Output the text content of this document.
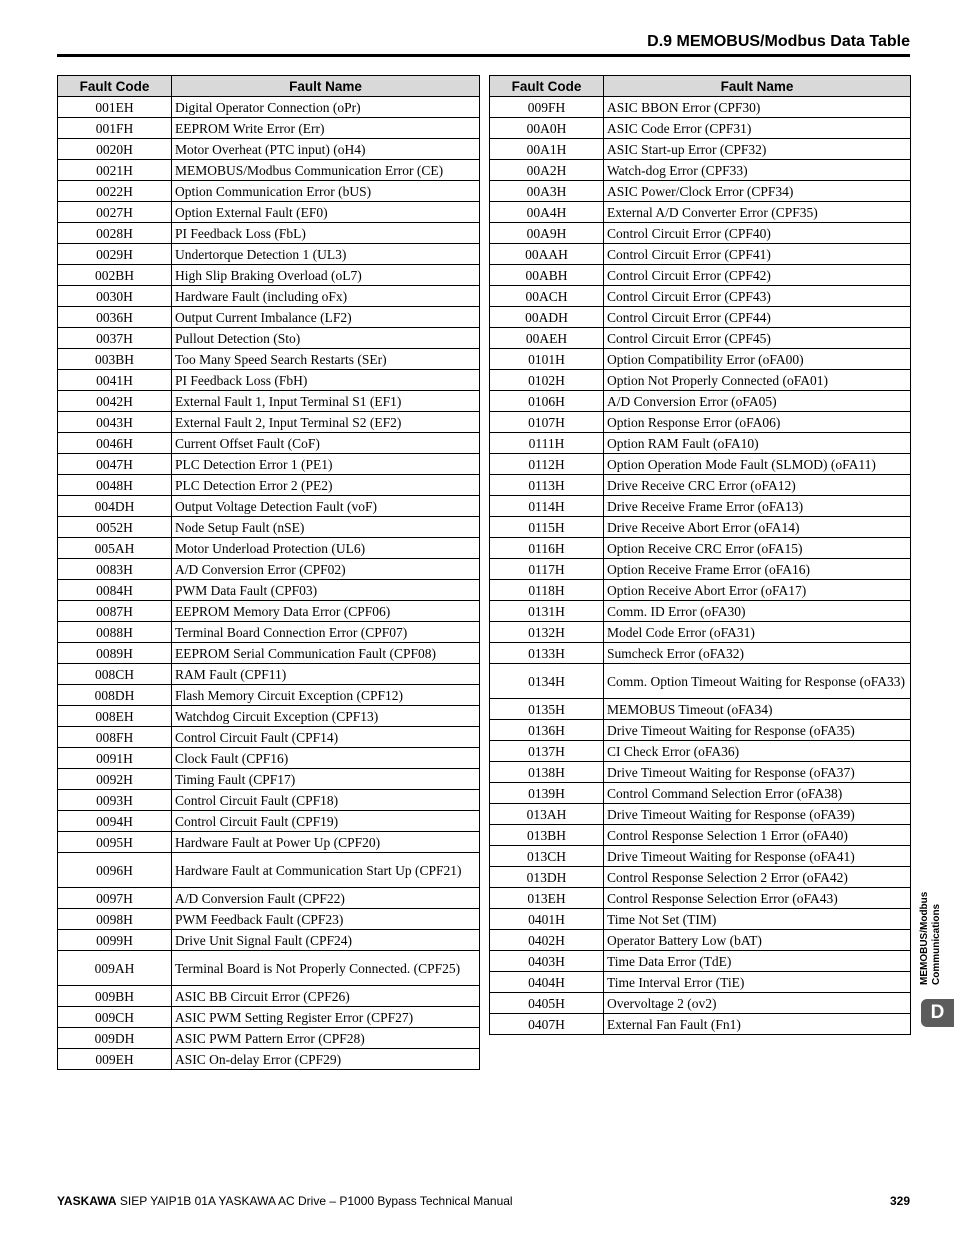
D.9 MEMOBUS/Modbus Data Table
Fault Code	Fault Name
001EH	Digital Operator Connection (oPr)
001FH	EEPROM Write Error (Err)
0020H	Motor Overheat (PTC input) (oH4)
0021H	MEMOBUS/Modbus Communication Error (CE)
0022H	Option Communication Error (bUS)
0027H	Option External Fault (EF0)
0028H	PI Feedback Loss (FbL)
0029H	Undertorque Detection 1 (UL3)
002BH	High Slip Braking Overload (oL7)
0030H	Hardware Fault (including oFx)
0036H	Output Current Imbalance (LF2)
0037H	Pullout Detection (Sto)
003BH	Too Many Speed Search Restarts (SEr)
0041H	PI Feedback Loss (FbH)
0042H	External Fault 1, Input Terminal S1 (EF1)
0043H	External Fault 2, Input Terminal S2 (EF2)
0046H	Current Offset Fault (CoF)
0047H	PLC Detection Error 1 (PE1)
0048H	PLC Detection Error 2 (PE2)
004DH	Output Voltage Detection Fault (voF)
0052H	Node Setup Fault (nSE)
005AH	Motor Underload Protection (UL6)
0083H	A/D Conversion Error (CPF02)
0084H	PWM Data Fault (CPF03)
0087H	EEPROM Memory Data Error (CPF06)
0088H	Terminal Board Connection Error (CPF07)
0089H	EEPROM Serial Communication Fault (CPF08)
008CH	RAM Fault (CPF11)
008DH	Flash Memory Circuit Exception (CPF12)
008EH	Watchdog Circuit Exception (CPF13)
008FH	Control Circuit Fault (CPF14)
0091H	Clock Fault (CPF16)
0092H	Timing Fault (CPF17)
0093H	Control Circuit Fault (CPF18)
0094H	Control Circuit Fault (CPF19)
0095H	Hardware Fault at Power Up (CPF20)
0096H	Hardware Fault at Communication Start Up (CPF21)
0097H	A/D Conversion Fault (CPF22)
0098H	PWM Feedback Fault (CPF23)
0099H	Drive Unit Signal Fault (CPF24)
009AH	Terminal Board is Not Properly Connected. (CPF25)
009BH	ASIC BB Circuit Error (CPF26)
009CH	ASIC PWM Setting Register Error (CPF27)
009DH	ASIC PWM Pattern Error (CPF28)
009EH	ASIC On-delay Error (CPF29)
Fault Code	Fault Name
009FH	ASIC BBON Error (CPF30)
00A0H	ASIC Code Error (CPF31)
00A1H	ASIC Start-up Error (CPF32)
00A2H	Watch-dog Error (CPF33)
00A3H	ASIC Power/Clock Error (CPF34)
00A4H	External A/D Converter Error (CPF35)
00A9H	Control Circuit Error (CPF40)
00AAH	Control Circuit Error (CPF41)
00ABH	Control Circuit Error (CPF42)
00ACH	Control Circuit Error (CPF43)
00ADH	Control Circuit Error (CPF44)
00AEH	Control Circuit Error (CPF45)
0101H	Option Compatibility Error (oFA00)
0102H	Option Not Properly Connected (oFA01)
0106H	A/D Conversion Error (oFA05)
0107H	Option Response Error (oFA06)
0111H	Option RAM Fault (oFA10)
0112H	Option Operation Mode Fault (SLMOD) (oFA11)
0113H	Drive Receive CRC Error (oFA12)
0114H	Drive Receive Frame Error (oFA13)
0115H	Drive Receive Abort Error (oFA14)
0116H	Option Receive CRC Error (oFA15)
0117H	Option Receive Frame Error (oFA16)
0118H	Option Receive Abort Error (oFA17)
0131H	Comm. ID Error (oFA30)
0132H	Model Code Error (oFA31)
0133H	Sumcheck Error (oFA32)
0134H	Comm. Option Timeout Waiting for Response (oFA33)
0135H	MEMOBUS Timeout (oFA34)
0136H	Drive Timeout Waiting for Response (oFA35)
0137H	CI Check Error (oFA36)
0138H	Drive Timeout Waiting for Response (oFA37)
0139H	Control Command Selection Error (oFA38)
013AH	Drive Timeout Waiting for Response (oFA39)
013BH	Control Response Selection 1 Error (oFA40)
013CH	Drive Timeout Waiting for Response (oFA41)
013DH	Control Response Selection 2 Error (oFA42)
013EH	Control Response Selection Error (oFA43)
0401H	Time Not Set (TIM)
0402H	Operator Battery Low (bAT)
0403H	Time Data Error (TdE)
0404H	Time Interval Error (TiE)
0405H	Overvoltage 2 (ov2)
0407H	External Fan Fault (Fn1)
MEMOBUS/Modbus Communications
D
YASKAWA SIEP YAIP1B 01A YASKAWA AC Drive – P1000 Bypass Technical Manual	329
